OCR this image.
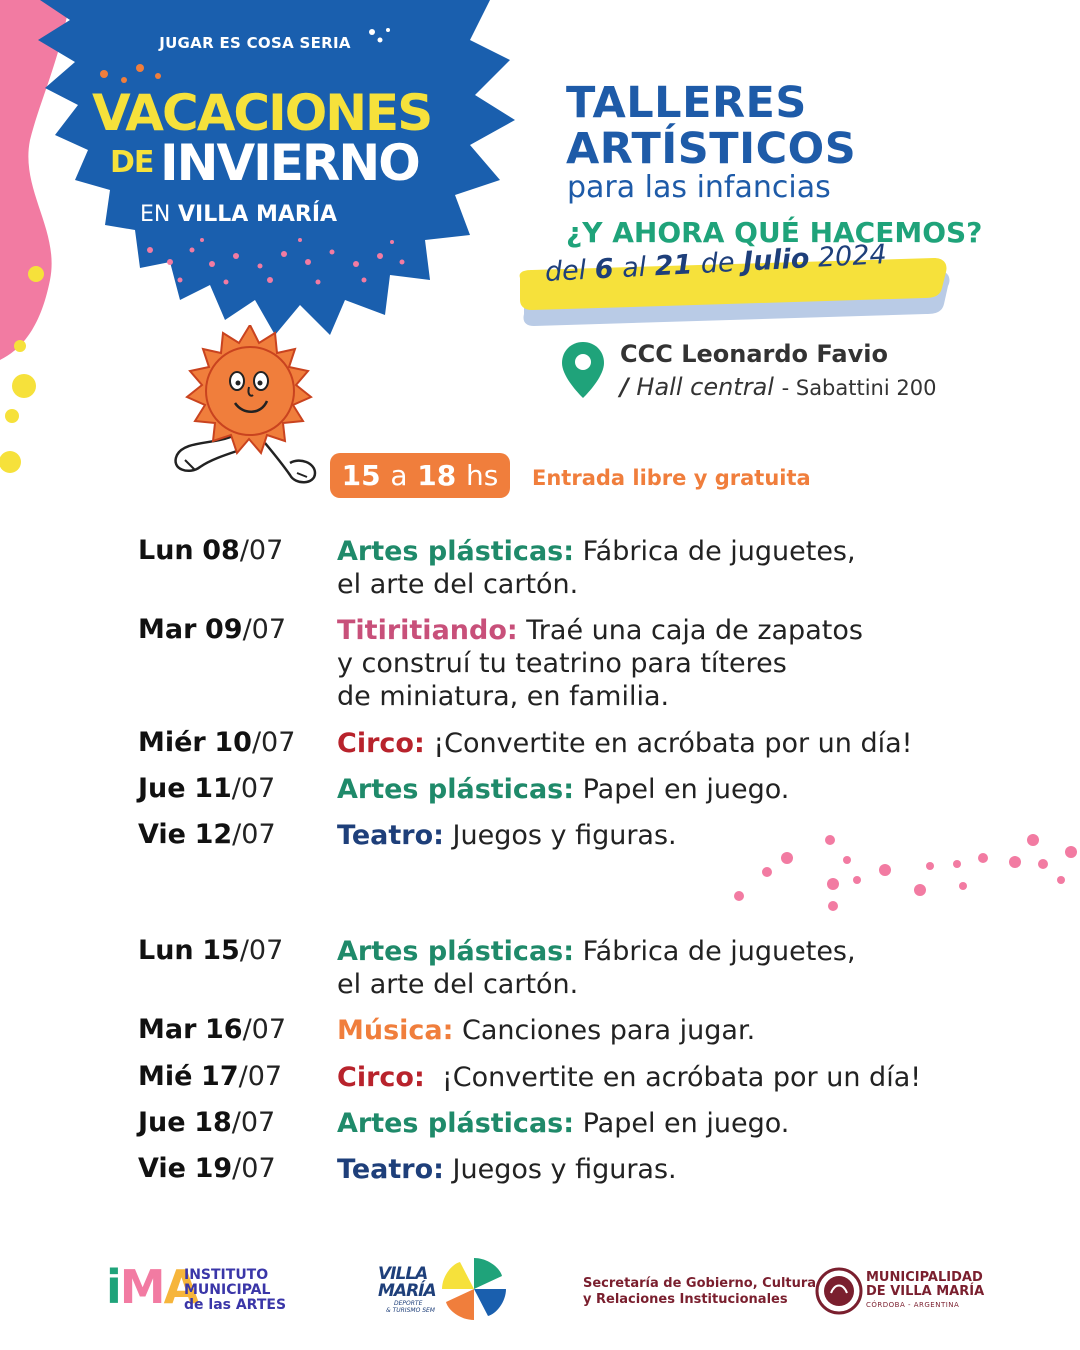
JUGAR ES COSA SERIA
VACACIONES
DE INVIERNO
EN VILLA MARÍA
TALLERES
ARTÍSTICOS
para las infancias
¿Y AHORA QUÉ HACEMOS?
del 6 al 21 de Julio 2024
CCC Leonardo Favio
/ Hall central - Sabattini 200
15 a 18 hs	Entrada libre y gratuita
Lun 08/07 Artes plásticas: Fábrica de juguetes,
el arte del cartón.
Mar 09/07 Titiritiando: Traé una caja de zapatos
y construí tu teatrino para títeres
de miniatura, en familia.
Miér 10/07 Circo: ¡Convertite en acróbata por un día!
Jue 11/07 Artes plásticas: Papel en juego.
Vie 12/07 Teatro: Juegos y figuras.
Lun 15/07 Artes plásticas: Fábrica de juguetes,
el arte del cartón.
Mar 16/07 Música: Canciones para jugar.
Mié 17/07 Circo:  ¡Convertite en acróbata por un día!
Jue 18/07 Artes plásticas: Papel en juego.
Vie 19/07 Teatro: Juegos y figuras.
iMA
INSTITUTO
MUNICIPAL
de las ARTES
VILLA
MARÍA
DEPORTE
& TURISMO SEM
Secretaría de Gobierno, Cultura
y Relaciones Institucionales
MUNICIPALIDAD
DE VILLA MARÍA
CÓRDOBA - ARGENTINA
